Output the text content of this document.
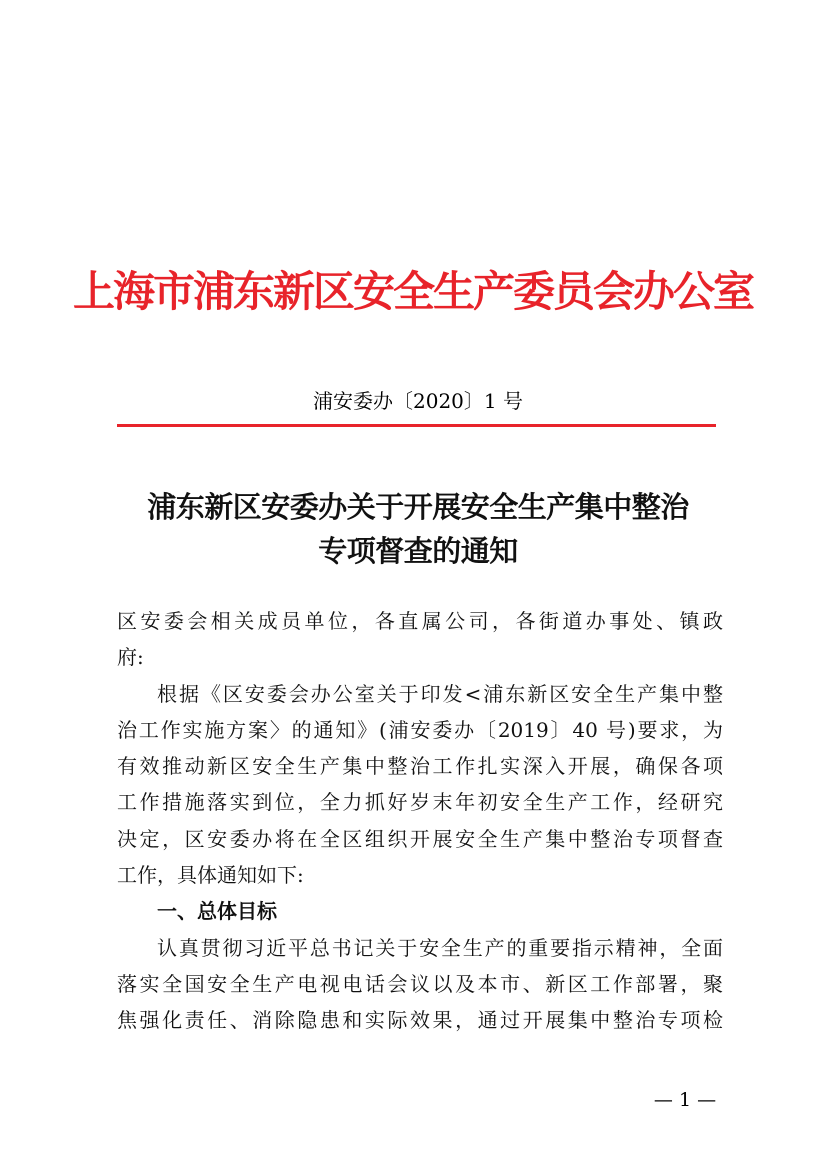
上海市浦东新区安全生产委员会办公室
浦安委办〔2020〕1 号
浦东新区安委办关于开展安全生产集中整治
专项督查的通知
区安委会相关成员单位，各直属公司，各街道办事处、镇政
府:
根据《区安委会办公室关于印发<浦东新区安全生产集中整
治工作实施方案〉的通知》(浦安委办〔2019〕40 号)要求，为
有效推动新区安全生产集中整治工作扎实深入开展，确保各项
工作措施落实到位，全力抓好岁末年初安全生产工作，经研究
决定，区安委办将在全区组织开展安全生产集中整治专项督查
工作，具体通知如下:
一、总体目标
认真贯彻习近平总书记关于安全生产的重要指示精神，全面
落实全国安全生产电视电话会议以及本市、新区工作部署，聚
焦强化责任、消除隐患和实际效果，通过开展集中整治专项检
— 1 —
